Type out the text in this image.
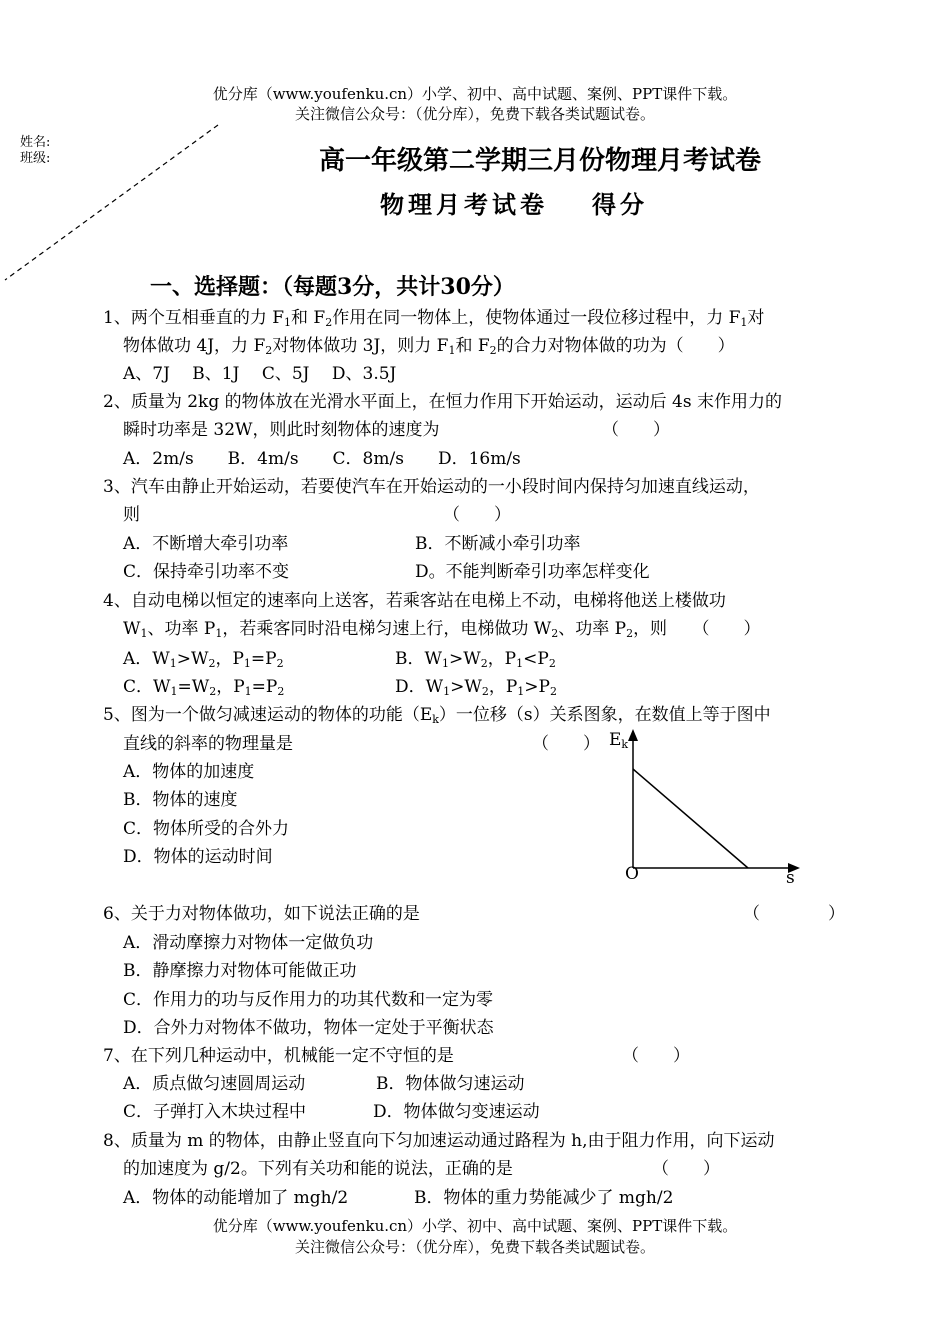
优分库（www.youfenku.cn）小学、初中、高中试题、案例、PPT课件下载。
关注微信公众号：（优分库），免费下载各类试题试卷。
姓名:
班级:	高一年级第二学期三月份物理月考试卷
物理月考试卷 得分
一、选择题：（每题3分，共计30分）
1、两个互相垂直的力 $F_1$和 $F_2$作用在同一物体上，使物体通过一段位移过程中，力 $F_1$对
物体做功 4J，力 $F_2$对物体做功 3J，则力 $F_1$和 $F_2$的合力对物体做的功为（　　）
A、7J　 B、1J　 C、5J　 D、3.5J
2、质量为 2kg 的物体放在光滑水平面上，在恒力作用下开始运动，运动后 4s 末作用力的
瞬时功率是 32W，则此时刻物体的速度为	（　　）
A．2m/s　　B．4m/s　　C．8m/s　　D．16m/s
3、汽车由静止开始运动，若要使汽车在开始运动的一小段时间内保持匀加速直线运动，
则	（　　）
A．不断增大牵引功率	B．不断减小牵引功率
C．保持牵引功率不变	D。不能判断牵引功率怎样变化
4、自动电梯以恒定的速率向上送客，若乘客站在电梯上不动，电梯将他送上楼做功
$W_1$、功率 $P_1$，若乘客同时沿电梯匀速上行，电梯做功 $W_2$、功率 $P_2$，则　　（　　）
A．$W_1>W_2$，$P_1=P_2$	B．$W_1>W_2$，$P_1<P_2$
C．$W_1=W_2$，$P_1=P_2$	D．$W_1>W_2$，$P_1>P_2$
5、图为一个做匀减速运动的物体的功能$(E_k)$一位移（s）关系图象，在数值上等于图中
直线的斜率的物理量是	（　　）
A．物体的加速度
B．物体的速度
C．物体所受的合外力
D．物体的运动时间
$E_k$
O	s
6、关于力对物体做功，如下说法正确的是	（　　　　）
A．滑动摩擦力对物体一定做负功
B．静摩擦力对物体可能做正功
C．作用力的功与反作用力的功其代数和一定为零
D．合外力对物体不做功，物体一定处于平衡状态
7、在下列几种运动中，机械能一定不守恒的是	（　　）
A．质点做匀速圆周运动	B．物体做匀速运动
C．子弹打入木块过程中	D．物体做匀变速运动
8、质量为 m 的物体，由静止竖直向下匀加速运动通过路程为 h,由于阻力作用，向下运动
的加速度为 g/2。下列有关功和能的说法，正确的是	（　　）
A．物体的动能增加了 mgh/2	B．物体的重力势能减少了 mgh/2
优分库（www.youfenku.cn）小学、初中、高中试题、案例、PPT课件下载。
关注微信公众号：（优分库），免费下载各类试题试卷。
